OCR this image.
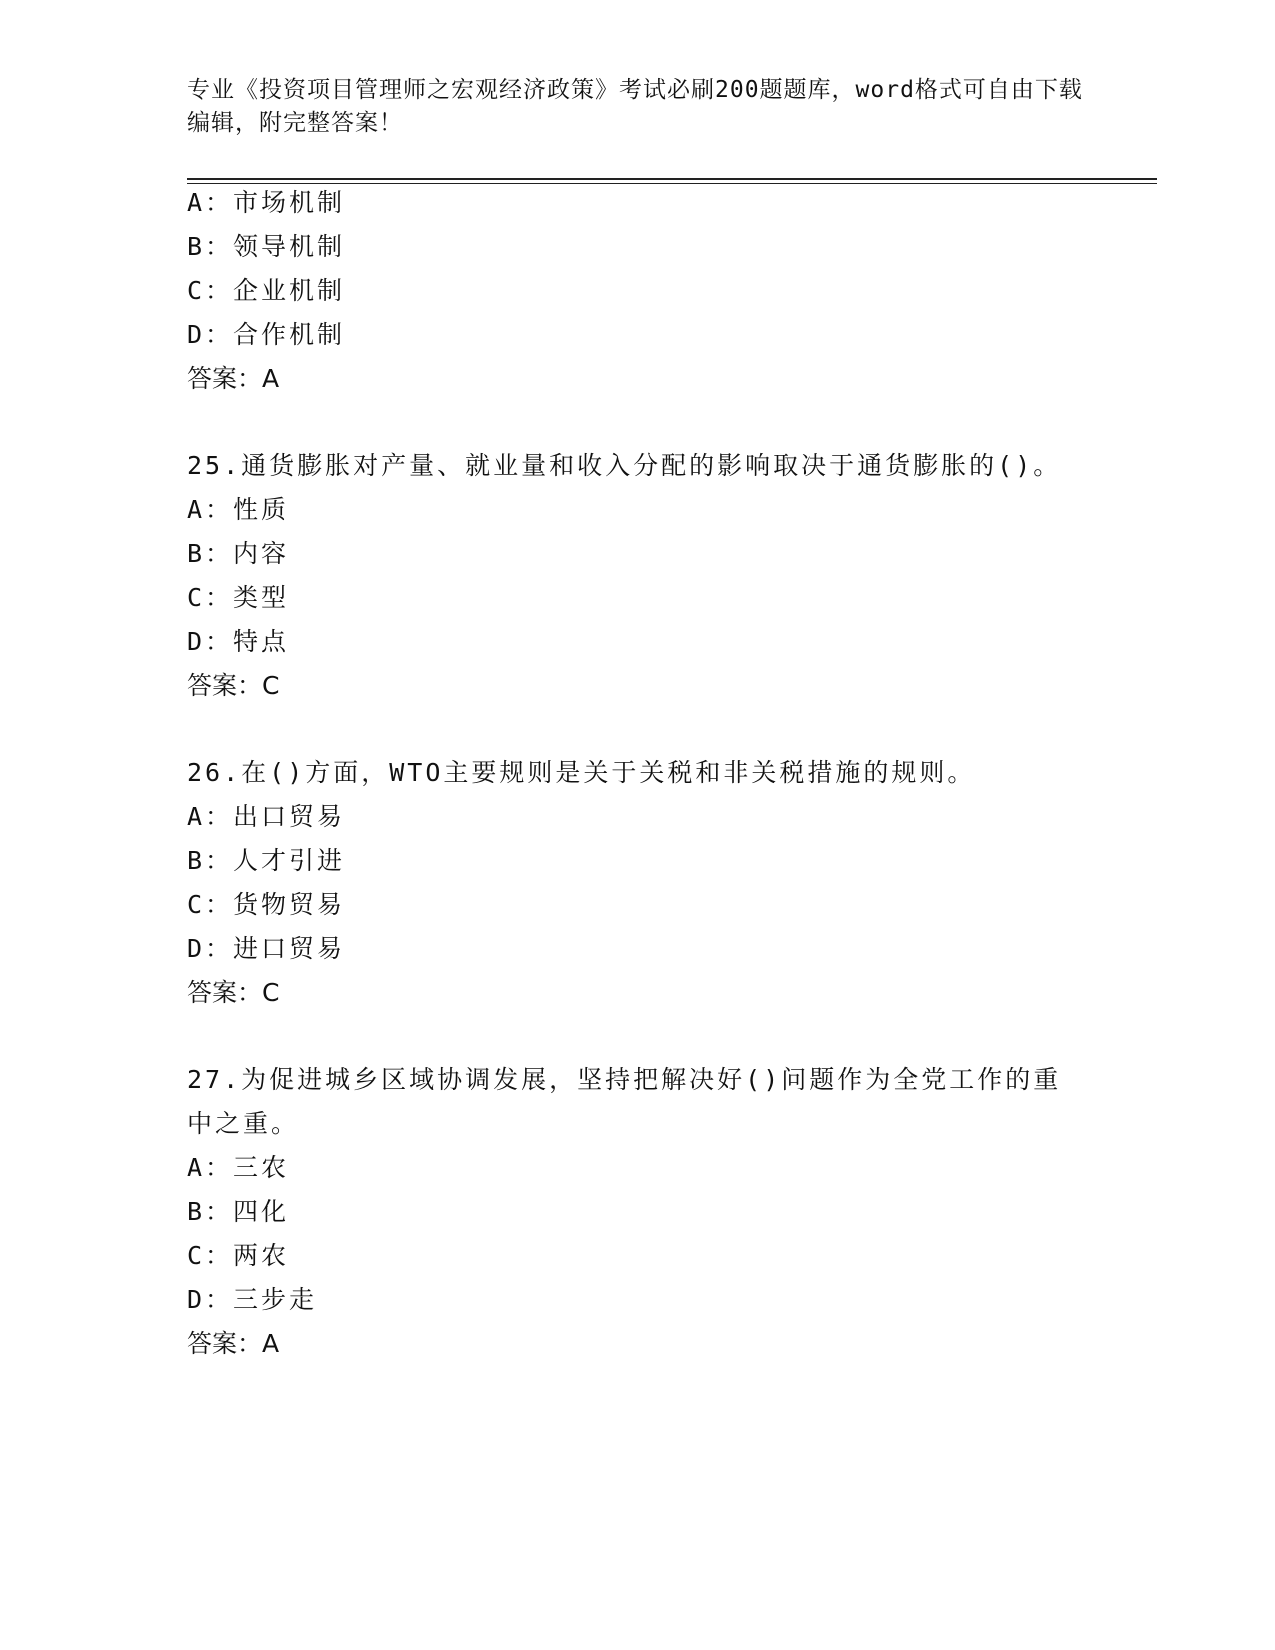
专业《投资项目管理师之宏观经济政策》考试必刷200题题库，word格式可自由下载编辑，附完整答案！
A：市场机制
B：领导机制
C：企业机制
D：合作机制
答案：A
25.通货膨胀对产量、就业量和收入分配的影响取决于通货膨胀的()。
A：性质
B：内容
C：类型
D：特点
答案：C
26.在()方面，WTO主要规则是关于关税和非关税措施的规则。
A：出口贸易
B：人才引进
C：货物贸易
D：进口贸易
答案：C
27.为促进城乡区域协调发展，坚持把解决好()问题作为全党工作的重中之重。
A：三农
B：四化
C：两农
D：三步走
答案：A
